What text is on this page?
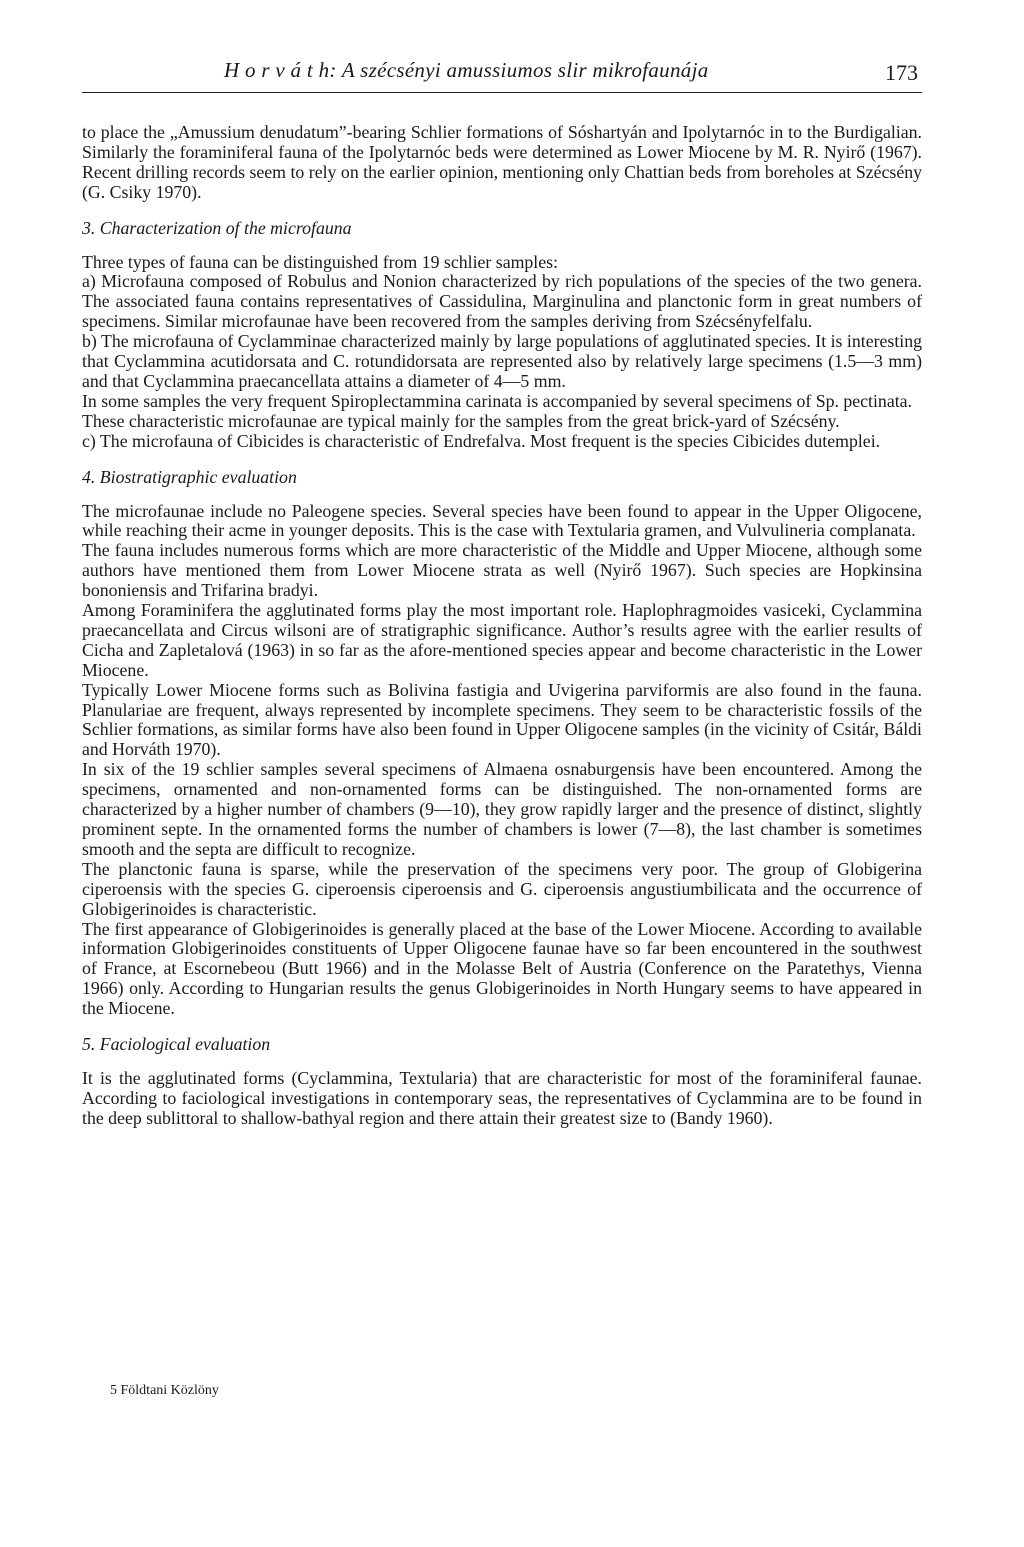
H o r v á t h: A szécsényi amussiumos slir mikrofaunája	173

to place the „Amussium denudatum”-bearing Schlier formations of Sóshartyán and Ipolytarnóc in to the Burdigalian. Similarly the foraminiferal fauna of the Ipolytarnóc beds were determined as Lower Miocene by M. R. Nyirő (1967). Recent drilling records seem to rely on the earlier opinion, mentioning only Chattian beds from boreholes at Szécsény (G. Csiky 1970).

3. Characterization of the microfauna

Three types of fauna can be distinguished from 19 schlier samples:

a) Microfauna composed of Robulus and Nonion characterized by rich populations of the species of the two genera. The associated fauna contains representatives of Cassidulina, Marginulina and planctonic form in great numbers of specimens. Similar microfaunae have been recovered from the samples deriving from Szécsényfelfalu.

b) The microfauna of Cyclamminae characterized mainly by large populations of agglutinated species. It is interesting that Cyclammina acutidorsata and C. rotundidorsata are represented also by relatively large specimens (1.5—3 mm) and that Cyclammina praecancellata attains a diameter of 4—5 mm.

In some samples the very frequent Spiroplectammina carinata is accompanied by several specimens of Sp. pectinata.

These characteristic microfaunae are typical mainly for the samples from the great brick-yard of Szécsény.

c) The microfauna of Cibicides is characteristic of Endrefalva. Most frequent is the species Cibicides dutemplei.

4. Biostratigraphic evaluation

The microfaunae include no Paleogene species. Several species have been found to appear in the Upper Oligocene, while reaching their acme in younger deposits. This is the case with Textularia gramen, and Vulvulineria complanata.

The fauna includes numerous forms which are more characteristic of the Middle and Upper Miocene, although some authors have mentioned them from Lower Miocene strata as well (Nyirő 1967). Such species are Hopkinsina bononiensis and Trifarina bradyi.

Among Foraminifera the agglutinated forms play the most important role. Haplophragmoides vasiceki, Cyclammina praecancellata and Circus wilsoni are of stratigraphic significance. Author’s results agree with the earlier results of Cicha and Zapletalová (1963) in so far as the afore-mentioned species appear and become characteristic in the Lower Miocene.

Typically Lower Miocene forms such as Bolivina fastigia and Uvigerina parviformis are also found in the fauna. Planulariae are frequent, always represented by incomplete specimens. They seem to be characteristic fossils of the Schlier formations, as similar forms have also been found in Upper Oligocene samples (in the vicinity of Csitár, Báldi and Horváth 1970).

In six of the 19 schlier samples several specimens of Almaena osnaburgensis have been encountered. Among the specimens, ornamented and non-ornamented forms can be distinguished. The non-ornamented forms are characterized by a higher number of chambers (9—10), they grow rapidly larger and the presence of distinct, slightly prominent septe. In the ornamented forms the number of chambers is lower (7—8), the last chamber is sometimes smooth and the septa are difficult to recognize.

The planctonic fauna is sparse, while the preservation of the specimens very poor. The group of Globigerina ciperoensis with the species G. ciperoensis ciperoensis and G. ciperoensis angustiumbilicata and the occurrence of Globigerinoides is characteristic.

The first appearance of Globigerinoides is generally placed at the base of the Lower Miocene. According to available information Globigerinoides constituents of Upper Oligocene faunae have so far been encountered in the southwest of France, at Escornebeou (Butt 1966) and in the Molasse Belt of Austria (Conference on the Paratethys, Vienna 1966) only. According to Hungarian results the genus Globigerinoides in North Hungary seems to have appeared in the Miocene.

5. Faciological evaluation

It is the agglutinated forms (Cyclammina, Textularia) that are characteristic for most of the foraminiferal faunae. According to faciological investigations in contemporary seas, the representatives of Cyclammina are to be found in the deep sublittoral to shallow-bathyal region and there attain their greatest size to (Bandy 1960).

5 Földtani Közlöny
